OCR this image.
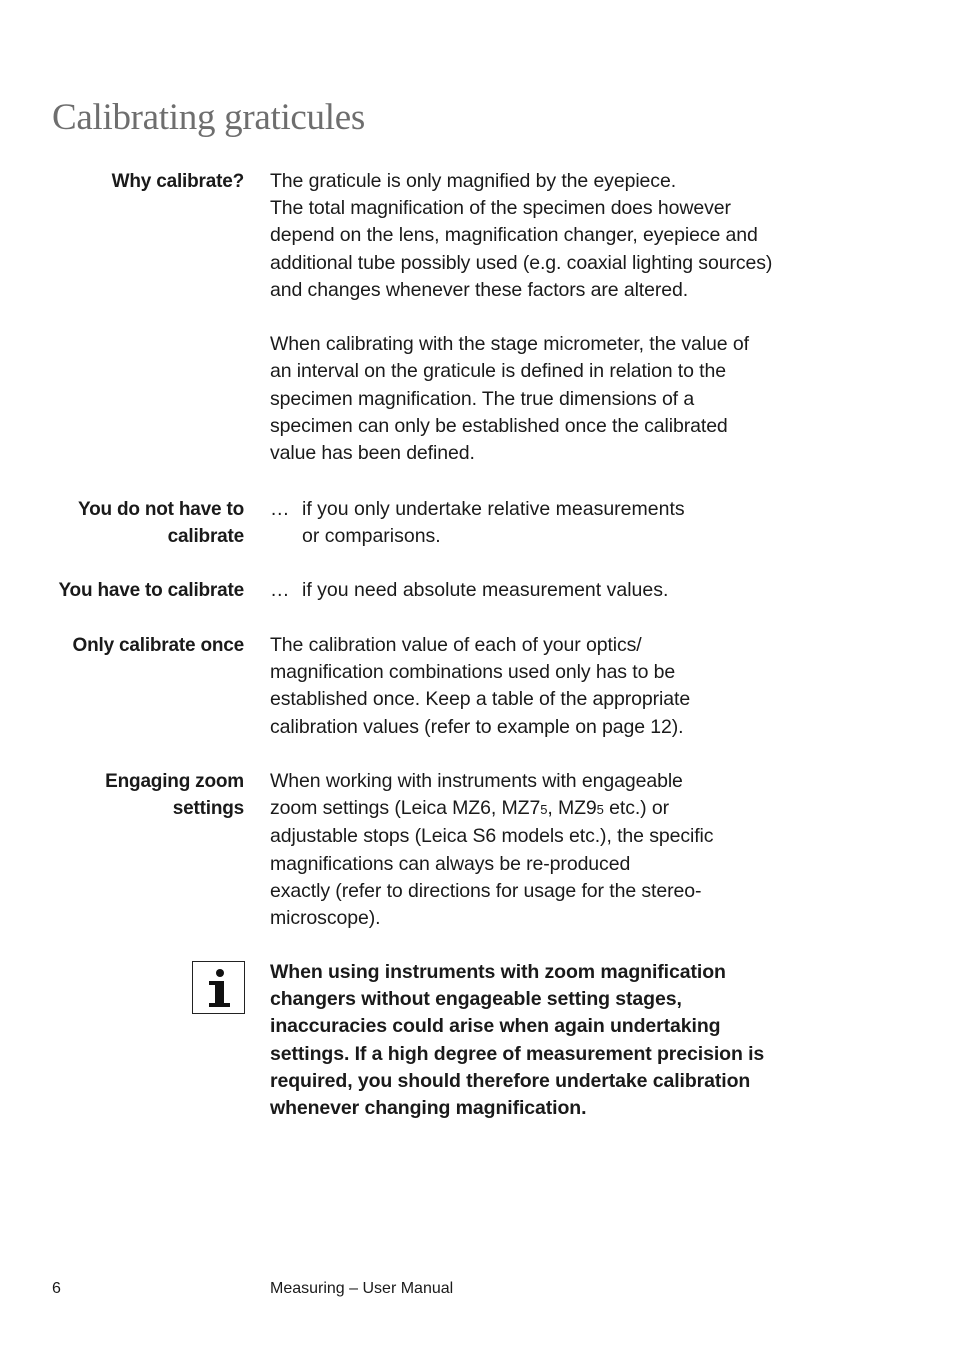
Calibrating graticules
Why calibrate? The graticule is only magnified by the eyepiece.
The total magnification of the specimen does however
depend on the lens, magnification changer, eyepiece and
additional tube possibly used (e.g. coaxial lighting sources)
and changes whenever these factors are altered.

When calibrating with the stage micrometer, the value of
an interval on the graticule is defined in relation to the
specimen magnification. The true dimensions of a
specimen can only be established once the calibrated
value has been defined.

You do not have to calibrate
… if you only undertake relative measurements
or comparisons.
You have to calibrate … if you need absolute measurement values.
Only calibrate once The calibration value of each of your optics/
magnification combinations used only has to be
established once. Keep a table of the appropriate
calibration values (refer to example on page 12).

Engaging zoom settings
When working with instruments with engageable
zoom settings (Leica MZ6, MZ75, MZ95 etc.) or

adjustable stops (Leica S6 models etc.), the specific
magnifications can always be re-produced
exactly (refer to directions for usage for the stereo-
microscope).

When using instruments with zoom magnification
changers without engageable setting stages,
inaccuracies could arise when again undertaking
settings. If a high degree of measurement precision is
required, you should therefore undertake calibration
whenever changing magnification.

6	Measuring – User Manual
